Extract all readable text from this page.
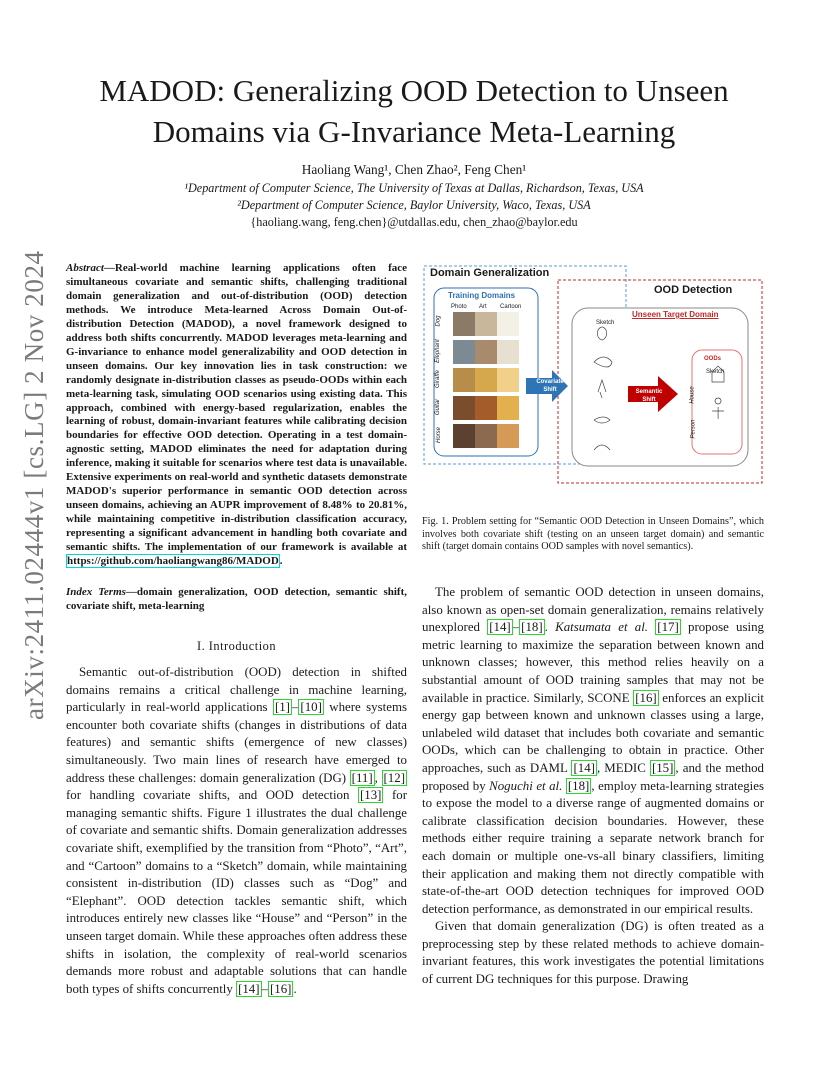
arXiv:2411.02444v1 [cs.LG] 2 Nov 2024
MADOD: Generalizing OOD Detection to Unseen Domains via G-Invariance Meta-Learning
Haoliang Wang¹, Chen Zhao², Feng Chen¹
¹Department of Computer Science, The University of Texas at Dallas, Richardson, Texas, USA
²Department of Computer Science, Baylor University, Waco, Texas, USA
{haoliang.wang, feng.chen}@utdallas.edu, chen_zhao@baylor.edu
Abstract—Real-world machine learning applications often face simultaneous covariate and semantic shifts, challenging traditional domain generalization and out-of-distribution (OOD) detection methods. We introduce Meta-learned Across Domain Out-of-distribution Detection (MADOD), a novel framework designed to address both shifts concurrently. MADOD leverages meta-learning and G-invariance to enhance model generalizability and OOD detection in unseen domains. Our key innovation lies in task construction: we randomly designate in-distribution classes as pseudo-OODs within each meta-learning task, simulating OOD scenarios using existing data. This approach, combined with energy-based regularization, enables the learning of robust, domain-invariant features while calibrating decision boundaries for effective OOD detection. Operating in a test domain-agnostic setting, MADOD eliminates the need for adaptation during inference, making it suitable for scenarios where test data is unavailable. Extensive experiments on real-world and synthetic datasets demonstrate MADOD's superior performance in semantic OOD detection across unseen domains, achieving an AUPR improvement of 8.48% to 20.81%, while maintaining competitive in-distribution classification accuracy, representing a significant advancement in handling both covariate and semantic shifts. The implementation of our framework is available at https://github.com/haoliangwang86/MADOD.
Index Terms—domain generalization, OOD detection, semantic shift, covariate shift, meta-learning
I. Introduction

Semantic out-of-distribution (OOD) detection in shifted domains remains a critical challenge in machine learning, particularly in real-world applications [1] – [10] where systems encounter both covariate shifts (changes in distributions of data features) and semantic shifts (emergence of new classes) simultaneously. Two main lines of research have emerged to address these challenges: domain generalization (DG) [11] , [12] for handling covariate shifts, and OOD detection [13] for managing semantic shifts. Figure 1 illustrates the dual challenge of covariate and semantic shifts. Domain generalization addresses covariate shift, exemplified by the transition from “Photo”, “Art”, and “Cartoon” domains to a “Sketch” domain, while maintaining consistent in-distribution (ID) classes such as “Dog” and “Elephant”. OOD detection tackles semantic shift, which introduces entirely new classes like “House” and “Person” in the unseen target domain. While these approaches often address these shifts in isolation, the complexity of real-world scenarios demands more robust and adaptable solutions that can handle both types of shifts concurrently [14] – [16] .

Domain Generalization
OOD Detection
Training Domains
Photo Art Cartoon
Dog
Elephant
Giraffe
Guitar
Horse
Covariate Shift
Unseen Target Domain
Sketch
Semantic Shift
OODs
Sketch
House
Person
Fig. 1. Problem setting for “Semantic OOD Detection in Unseen Domains”, which involves both covariate shift (testing on an unseen target domain) and semantic shift (target domain contains OOD samples with novel semantics).

The problem of semantic OOD detection in unseen domains, also known as open-set domain generalization, remains relatively unexplored [14] – [18] . Katsumata et al. [17] propose using metric learning to maximize the separation between known and unknown classes; however, this method relies heavily on a substantial amount of OOD training samples that may not be available in practice. Similarly, SCONE [16] enforces an explicit energy gap between known and unknown classes using a large, unlabeled wild dataset that includes both covariate and semantic OODs, which can be challenging to obtain in practice. Other approaches, such as DAML [14] , MEDIC [15] , and the method proposed by Noguchi et al. [18] , employ meta-learning strategies to expose the model to a diverse range of augmented domains or calibrate classification decision boundaries. However, these methods either require training a separate network branch for each domain or multiple one-vs-all binary classifiers, limiting their application and making them not directly compatible with state-of-the-art OOD detection techniques for improved OOD detection performance, as demonstrated in our empirical results.

Given that domain generalization (DG) is often treated as a preprocessing step by these related methods to achieve domain-invariant features, this work investigates the potential limitations of current DG techniques for this purpose. Drawing
